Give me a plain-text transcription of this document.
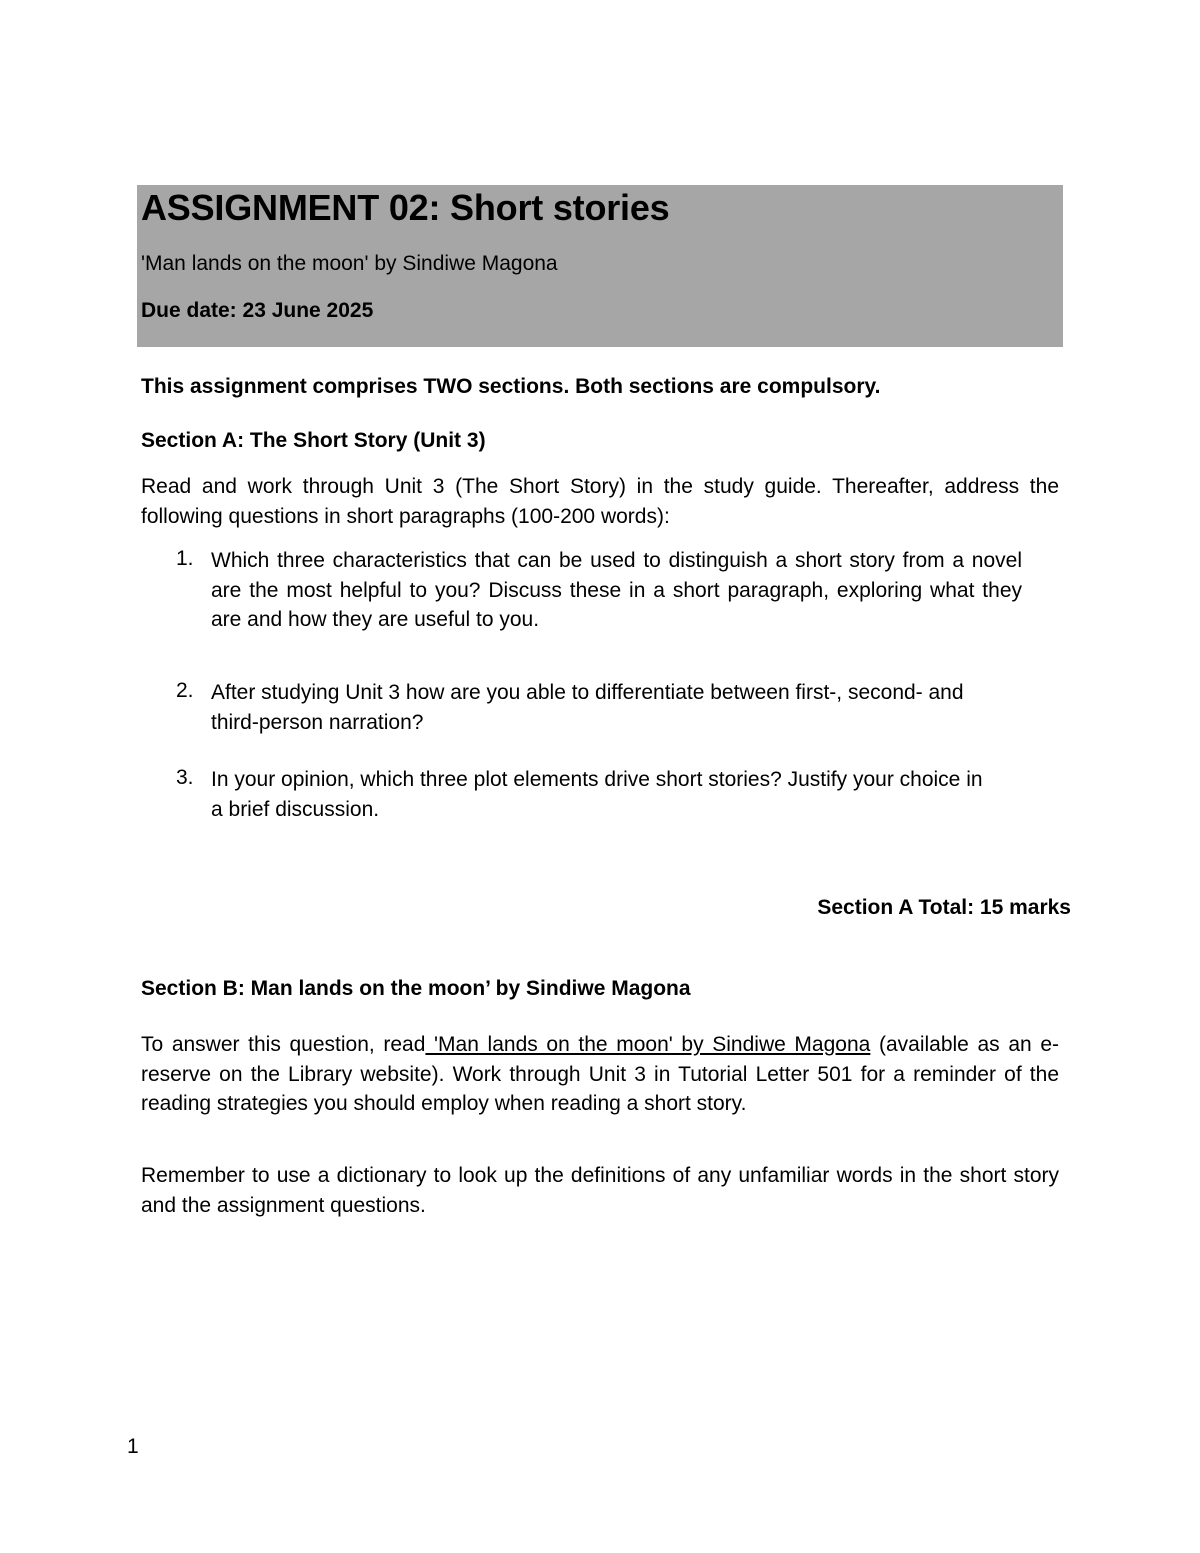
ASSIGNMENT 02: Short stories
'Man lands on the moon' by Sindiwe Magona
Due date: 23 June 2025
This assignment comprises TWO sections. Both sections are compulsory.
Section A: The Short Story (Unit 3)
Read and work through Unit 3 (The Short Story) in the study guide. Thereafter, address the following questions in short paragraphs (100-200 words):
1. Which three characteristics that can be used to distinguish a short story from a novel are the most helpful to you? Discuss these in a short paragraph, exploring what they are and how they are useful to you.
2. After studying Unit 3 how are you able to differentiate between first-, second- and third-person narration?
3. In your opinion, which three plot elements drive short stories? Justify your choice in a brief discussion.
Section A Total: 15 marks
Section B: Man lands on the moon’ by Sindiwe Magona
To answer this question, read 'Man lands on the moon' by Sindiwe Magona (available as an e-reserve on the Library website). Work through Unit 3 in Tutorial Letter 501 for a reminder of the reading strategies you should employ when reading a short story.
Remember to use a dictionary to look up the definitions of any unfamiliar words in the short story and the assignment questions.
1
